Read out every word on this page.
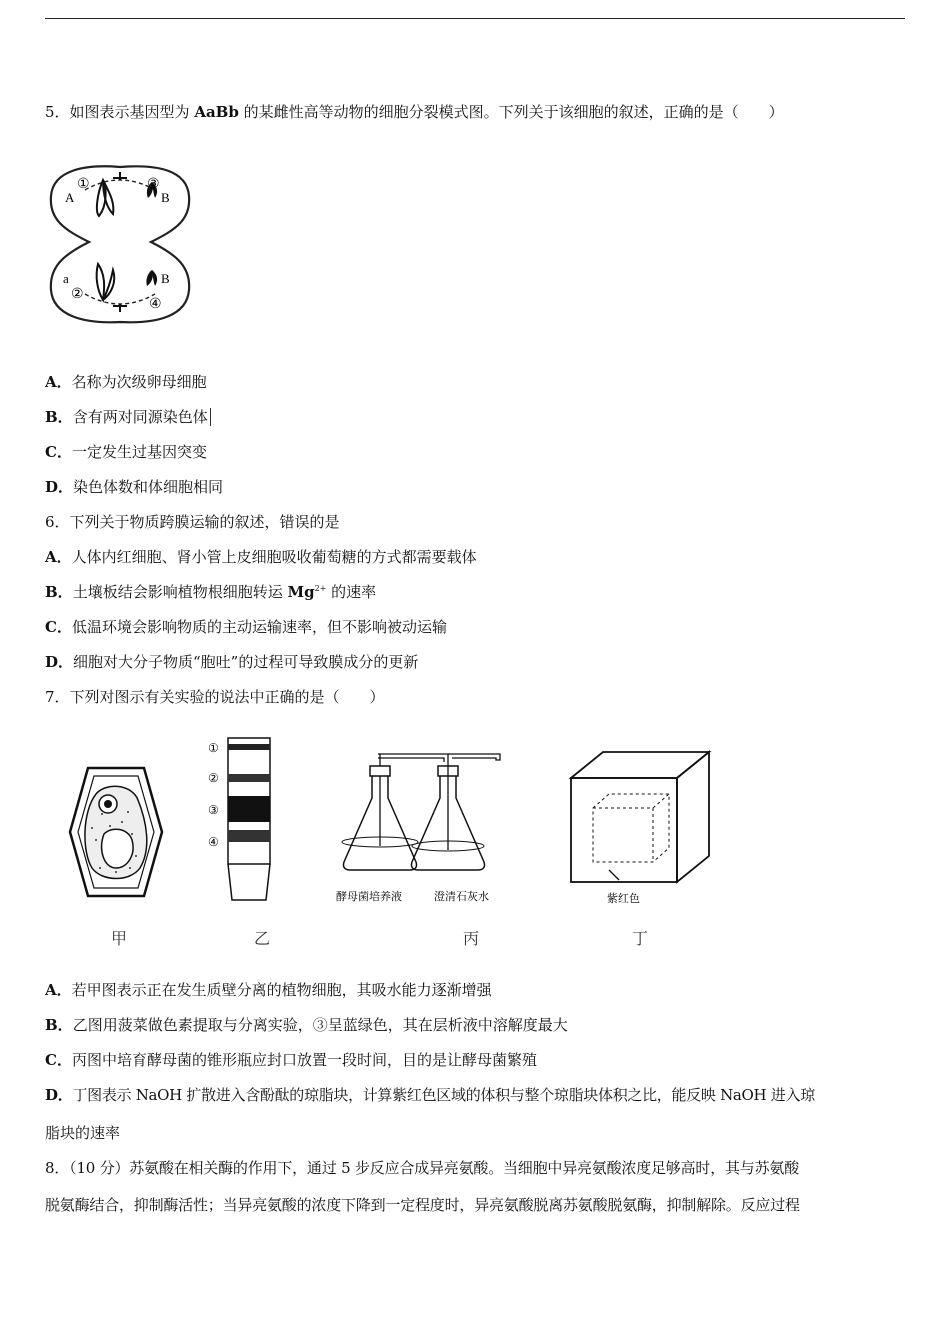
5．如图表示基因型为 AaBb 的某雌性高等动物的细胞分裂模式图。下列关于该细胞的叙述，正确的是（　　）
A	B
a	B
①	③
②
④
A．名称为次级卵母细胞
B．含有两对同源染色体
C．一定发生过基因突变
D．染色体数和体细胞相同
6．下列关于物质跨膜运输的叙述，错误的是
A．人体内红细胞、肾小管上皮细胞吸收葡萄糖的方式都需要载体
B．土壤板结会影响植物根细胞转运 $Mg^{2+}$ 的速率
C．低温环境会影响物质的主动运输速率，但不影响被动运输
D．细胞对大分子物质“胞吐”的过程可导致膜成分的更新
7．下列对图示有关实验的说法中正确的是（　　）
①
②
③
④
酵母菌培养液	澄清石灰水	紫红色
甲	乙	丙	丁
A．若甲图表示正在发生质壁分离的植物细胞，其吸水能力逐渐增强
B．乙图用菠菜做色素提取与分离实验，③呈蓝绿色，其在层析液中溶解度最大
C．丙图中培育酵母菌的锥形瓶应封口放置一段时间，目的是让酵母菌繁殖
D．丁图表示 NaOH 扩散进入含酚酞的琼脂块，计算紫红色区域的体积与整个琼脂块体积之比，能反映 NaOH 进入琼
脂块的速率
8．（10 分）苏氨酸在相关酶的作用下，通过 5 步反应合成异亮氨酸。当细胞中异亮氨酸浓度足够高时，其与苏氨酸
脱氨酶结合，抑制酶活性；当异亮氨酸的浓度下降到一定程度时，异亮氨酸脱离苏氨酸脱氨酶，抑制解除。反应过程
